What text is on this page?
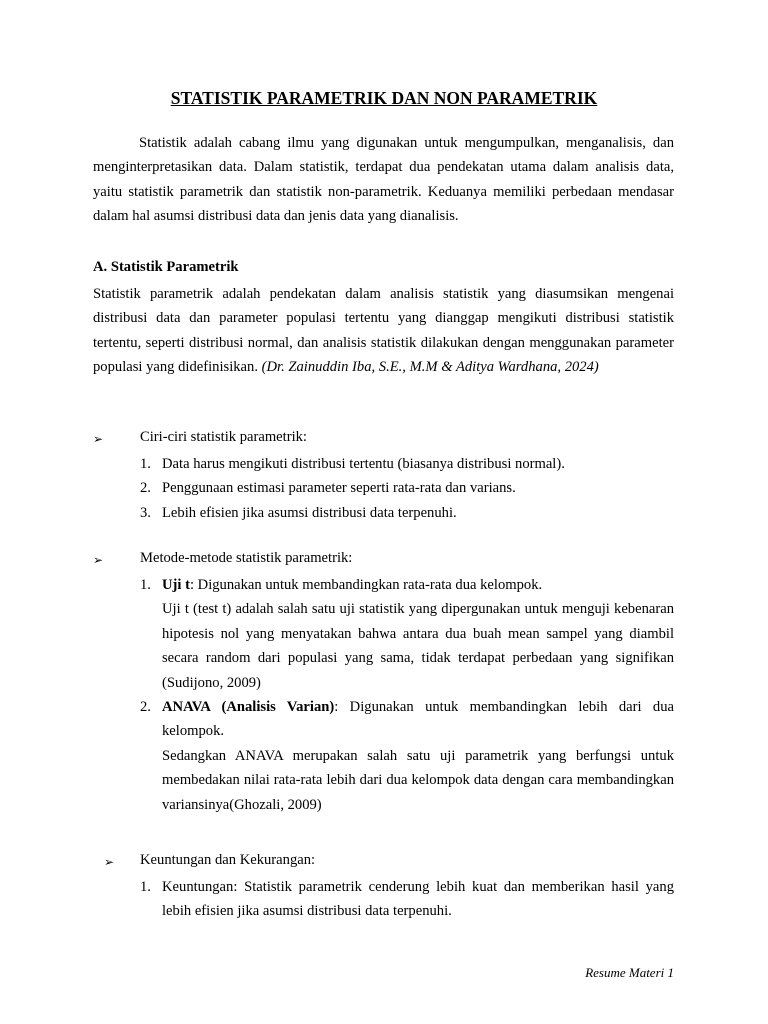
STATISTIK PARAMETRIK DAN NON PARAMETRIK
Statistik adalah cabang ilmu yang digunakan untuk mengumpulkan, menganalisis, dan menginterpretasikan data. Dalam statistik, terdapat dua pendekatan utama dalam analisis data, yaitu statistik parametrik dan statistik non-parametrik. Keduanya memiliki perbedaan mendasar dalam hal asumsi distribusi data dan jenis data yang dianalisis.
A. Statistik Parametrik
Statistik parametrik adalah pendekatan dalam analisis statistik yang diasumsikan mengenai distribusi data dan parameter populasi tertentu yang dianggap mengikuti distribusi statistik tertentu, seperti distribusi normal, dan analisis statistik dilakukan dengan menggunakan parameter populasi yang didefinisikan. (Dr. Zainuddin Iba, S.E., M.M & Aditya Wardhana, 2024)
➢	Ciri-ciri statistik parametrik:
1. Data harus mengikuti distribusi tertentu (biasanya distribusi normal).
2. Penggunaan estimasi parameter seperti rata-rata dan varians.
3. Lebih efisien jika asumsi distribusi data terpenuhi.
➢	Metode-metode statistik parametrik:
1. Uji t: Digunakan untuk membandingkan rata-rata dua kelompok.
Uji t (test t) adalah salah satu uji statistik yang dipergunakan untuk menguji kebenaran hipotesis nol yang menyatakan bahwa antara dua buah mean sampel yang diambil secara random dari populasi yang sama, tidak terdapat perbedaan yang signifikan (Sudijono, 2009)
2. ANAVA (Analisis Varian): Digunakan untuk membandingkan lebih dari dua kelompok.
Sedangkan ANAVA merupakan salah satu uji parametrik yang berfungsi untuk membedakan nilai rata-rata lebih dari dua kelompok data dengan cara membandingkan variansinya(Ghozali, 2009)
➢ Keuntungan dan Kekurangan:
1. Keuntungan: Statistik parametrik cenderung lebih kuat dan memberikan hasil yang lebih efisien jika asumsi distribusi data terpenuhi.
Resume Materi 1
